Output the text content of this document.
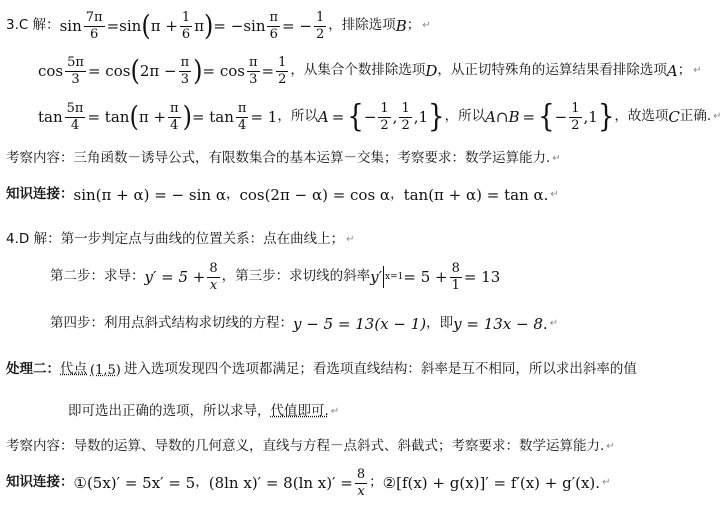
3.C 解： $\sin \frac{7\pi}{6} = \sin$ ( $\pi + \frac{1}{6}$ π ) = $-\sin \frac{\pi}{6}$ = − $\frac{1}{2}$ ，排除选项 B ； ↵
$\cos \frac{5\pi}{3} = \cos$ ( $2\pi - \frac{\pi}{3}$ ) = $\cos \frac{\pi}{3} = \frac{1}{2}$ ，从集合个数排除选项 D ，从正切特殊角的运算结果看排除选项 A ； ↵
$\tan \frac{5\pi}{4} = \tan$ ( $\pi + \frac{\pi}{4}$ ) = $\tan \frac{\pi}{4} = 1$ ，所以 A = { − $\frac{1}{2}$ , $\frac{1}{2} ,1$ } ，所以 A∩B = { − $\frac{1}{2} ,1$ } ，故选项 C 正确. ↵
考察内容：三角函数－诱导公式，有限数集合的基本运算－交集；考察要求：数学运算能力. ↵
知识连接： sin(π + α) = − sin α ， cos(2π − α) = cos α ， tan(π + α) = tan α . ↵
4.D 解： 第一步判定点与曲线的位置关系：点在曲线上； ↵
第二步：求导： $y' = 5 + \frac{8}{x}$ ，第三步：求切线的斜率 y′ $x=1 = 5 + \frac{8}{1} = 13$
第四步：利用点斜式结构求切线的方程： y − 5 = 13(x − 1) ，即 y = 13x − 8 . ↵
处理二： 代点 (1,5) 进入选项发现四个选项都满足；看选项直线结构：斜率是互不相同，所以求出斜率的值
即可选出正确的选项，所以求导， 代值即可. ↵
考察内容：导数的运算、导数的几何意义，直线与方程－点斜式、斜截式；考察要求：数学运算能力. ↵
知识连接： ①(5x)′ = 5x′ = 5 ， (8ln x)′ = 8(ln $x)' = \frac{8}{x}$ ； ②[f(x) + g(x)]′ = f′(x) + g′(x) . ↵
